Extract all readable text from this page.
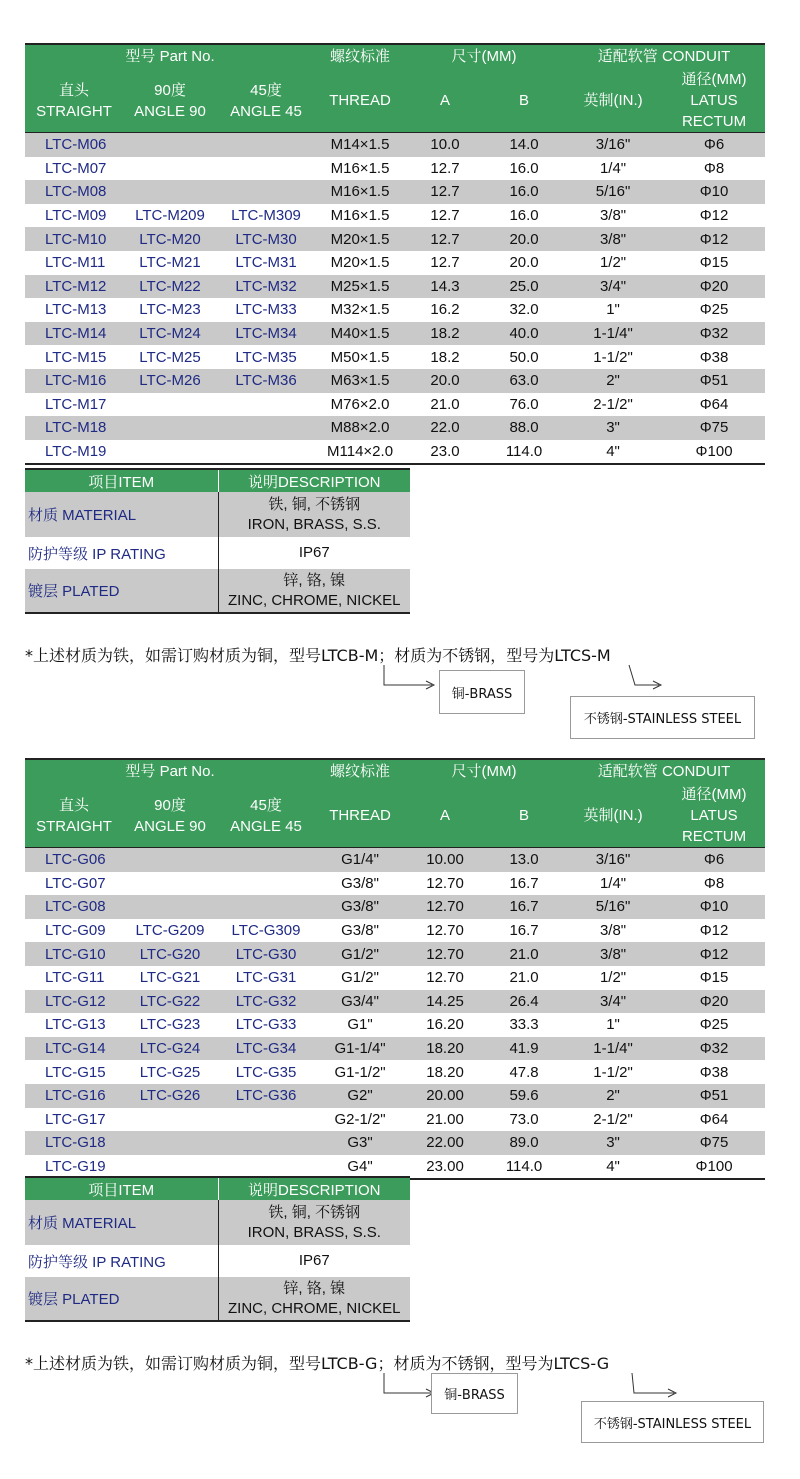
型号 Part No.			螺纹标准	尺寸(MM)		适配软管 CONDUIT	
直头
STRAIGHT	90度
ANGLE 90	45度
ANGLE 45	THREAD	A	B	英制(IN.)	通径(MM)
LATUS RECTUM
LTC-M06			M14×1.5	10.0	14.0	3/16"	Φ6
LTC-M07			M16×1.5	12.7	16.0	1/4"	Φ8
LTC-M08			M16×1.5	12.7	16.0	5/16"	Φ10
LTC-M09	LTC-M209	LTC-M309	M16×1.5	12.7	16.0	3/8"	Φ12
LTC-M10	LTC-M20	LTC-M30	M20×1.5	12.7	20.0	3/8"	Φ12
LTC-M11	LTC-M21	LTC-M31	M20×1.5	12.7	20.0	1/2"	Φ15
LTC-M12	LTC-M22	LTC-M32	M25×1.5	14.3	25.0	3/4"	Φ20
LTC-M13	LTC-M23	LTC-M33	M32×1.5	16.2	32.0	1"	Φ25
LTC-M14	LTC-M24	LTC-M34	M40×1.5	18.2	40.0	1-1/4"	Φ32
LTC-M15	LTC-M25	LTC-M35	M50×1.5	18.2	50.0	1-1/2"	Φ38
LTC-M16	LTC-M26	LTC-M36	M63×1.5	20.0	63.0	2"	Φ51
LTC-M17			M76×2.0	21.0	76.0	2-1/2"	Φ64
LTC-M18			M88×2.0	22.0	88.0	3"	Φ75
LTC-M19			M114×2.0	23.0	114.0	4"	Φ100
项目ITEM	说明DESCRIPTION
材质 MATERIAL	铁, 铜, 不锈钢
IRON, BRASS, S.S.
防护等级 IP RATING	IP67
镀层 PLATED	锌, 铬, 镍
ZINC, CHROME, NICKEL
*上述材质为铁，如需订购材质为铜，型号LTCB-M；材质为不锈钢，型号为LTCS-M
铜-BRASS
不锈钢-STAINLESS STEEL
型号 Part No.			螺纹标准	尺寸(MM)		适配软管 CONDUIT	
直头
STRAIGHT	90度
ANGLE 90	45度
ANGLE 45	THREAD	A	B	英制(IN.)	通径(MM)
LATUS RECTUM
LTC-G06			G1/4"	10.00	13.0	3/16"	Φ6
LTC-G07			G3/8"	12.70	16.7	1/4"	Φ8
LTC-G08			G3/8"	12.70	16.7	5/16"	Φ10
LTC-G09	LTC-G209	LTC-G309	G3/8"	12.70	16.7	3/8"	Φ12
LTC-G10	LTC-G20	LTC-G30	G1/2"	12.70	21.0	3/8"	Φ12
LTC-G11	LTC-G21	LTC-G31	G1/2"	12.70	21.0	1/2"	Φ15
LTC-G12	LTC-G22	LTC-G32	G3/4"	14.25	26.4	3/4"	Φ20
LTC-G13	LTC-G23	LTC-G33	G1"	16.20	33.3	1"	Φ25
LTC-G14	LTC-G24	LTC-G34	G1-1/4"	18.20	41.9	1-1/4"	Φ32
LTC-G15	LTC-G25	LTC-G35	G1-1/2"	18.20	47.8	1-1/2"	Φ38
LTC-G16	LTC-G26	LTC-G36	G2"	20.00	59.6	2"	Φ51
LTC-G17			G2-1/2"	21.00	73.0	2-1/2"	Φ64
LTC-G18			G3"	22.00	89.0	3"	Φ75
LTC-G19			G4"	23.00	114.0	4"	Φ100
项目ITEM	说明DESCRIPTION
材质 MATERIAL	铁, 铜, 不锈钢
IRON, BRASS, S.S.
防护等级 IP RATING	IP67
镀层 PLATED	锌, 铬, 镍
ZINC, CHROME, NICKEL
*上述材质为铁，如需订购材质为铜，型号LTCB-G；材质为不锈钢，型号为LTCS-G
铜-BRASS
不锈钢-STAINLESS STEEL
